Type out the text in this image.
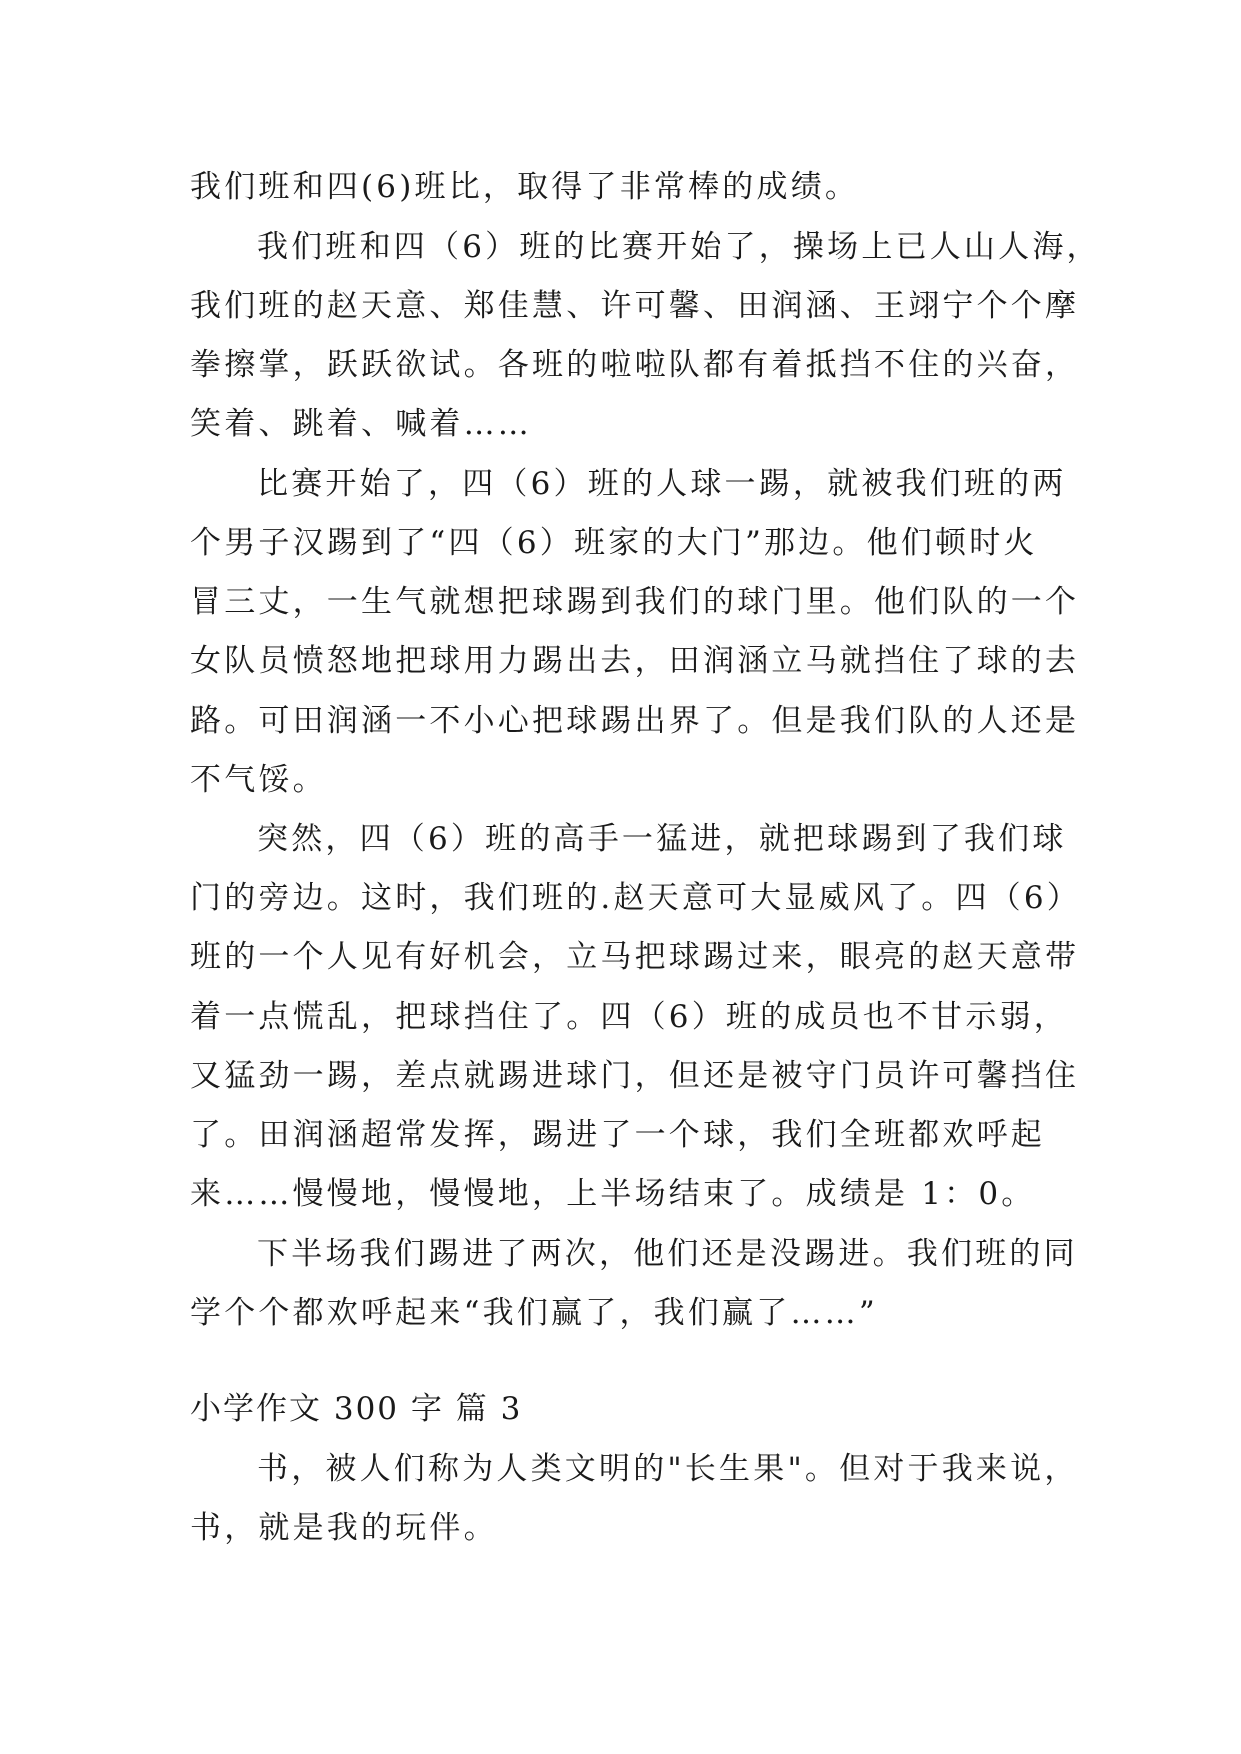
我们班和四(6)班比，取得了非常棒的成绩。
我们班和四（6）班的比赛开始了，操场上已人山人海，
我们班的赵天意、郑佳慧、许可馨、田润涵、王翊宁个个摩
拳擦掌，跃跃欲试。各班的啦啦队都有着抵挡不住的兴奋，
笑着、跳着、喊着……
比赛开始了，四（6）班的人球一踢，就被我们班的两
个男子汉踢到了“四（6）班家的大门”那边。他们顿时火
冒三丈，一生气就想把球踢到我们的球门里。他们队的一个
女队员愤怒地把球用力踢出去，田润涵立马就挡住了球的去
路。可田润涵一不小心把球踢出界了。但是我们队的人还是
不气馁。
突然，四（6）班的高手一猛进，就把球踢到了我们球
门的旁边。这时，我们班的.赵天意可大显威风了。四（6）
班的一个人见有好机会，立马把球踢过来，眼亮的赵天意带
着一点慌乱，把球挡住了。四（6）班的成员也不甘示弱，
又猛劲一踢，差点就踢进球门，但还是被守门员许可馨挡住
了。田润涵超常发挥，踢进了一个球，我们全班都欢呼起
来……慢慢地，慢慢地，上半场结束了。成绩是 1：0。
下半场我们踢进了两次，他们还是没踢进。我们班的同
学个个都欢呼起来“我们赢了，我们赢了……”
小学作文 300 字 篇 3
书，被人们称为人类文明的"长生果"。但对于我来说，
书，就是我的玩伴。
